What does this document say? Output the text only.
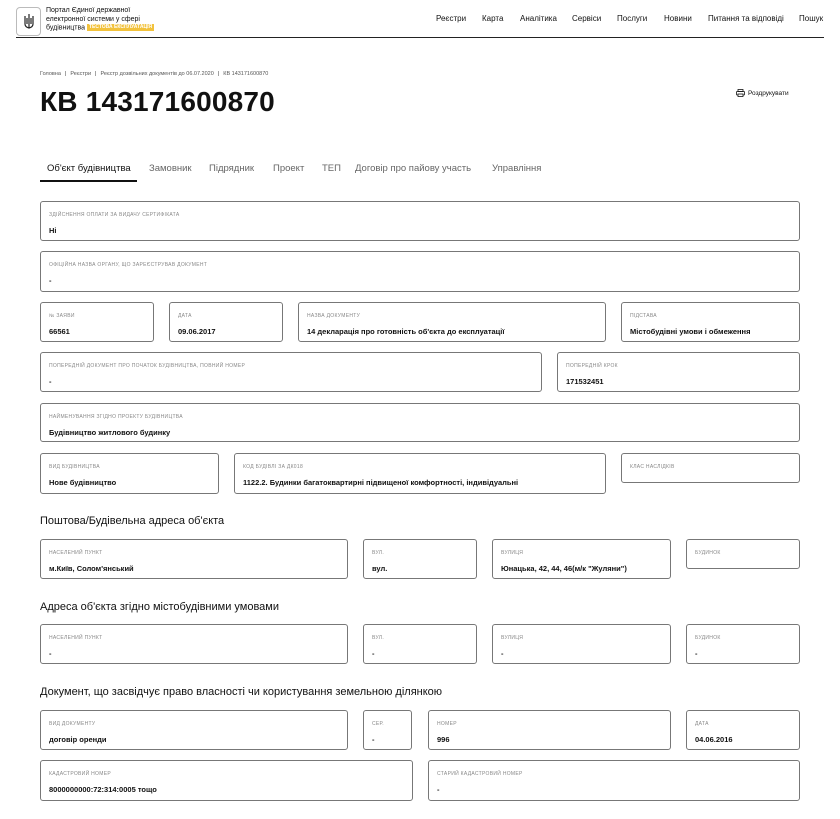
Портал Єдиної державної
електронної системи у сфері
будівництва ТЕСТОВА ЕКСПЛУАТАЦІЯ
Реєстри Карта Аналітика Сервіси Послуги Новини Питання та відповіді Пошук
Головна | Реєстри | Реєстр дозвільних документів до 06.07.2020 | КВ 143171600870
КВ 143171600870	Роздрукувати
Об'єкт будівництва Замовник Підрядник Проект ТЕП Договір про пайову участь Управління
ЗДІЙСНЕННЯ ОПЛАТИ ЗА ВИДАЧУ СЕРТИФІКАТА
Ні
ОФІЦІЙНА НАЗВА ОРГАНУ, ЩО ЗАРЕЄСТРУВАВ ДОКУМЕНТ
-
№ ЗАЯВИ
66561
ДАТА
09.06.2017
НАЗВА ДОКУМЕНТУ
14 декларація про готовність об'єкта до експлуатації
ПІДСТАВА
Містобудівні умови і обмеження
ПОПЕРЕДНІЙ ДОКУМЕНТ ПРО ПОЧАТОК БУДІВНИЦТВА, ПОВНИЙ НОМЕР
-
ПОПЕРЕДНІЙ КРОК
171532451
НАЙМЕНУВАННЯ ЗГІДНО ПРОЕКТУ БУДІВНИЦТВА
Будівництво житлового будинку
ВИД БУДІВНИЦТВА
Нове будівництво
КОД БУДІВЛІ ЗА ДК018
1122.2. Будинки багатоквартирні підвищеної комфортності, індивідуальні
КЛАС НАСЛІДКІВ
Поштова/Будівельна адреса об'єкта
НАСЕЛЕНИЙ ПУНКТ
м.Київ, Солом'янський
ВУЛ.
вул.
ВУЛИЦЯ
Юнацька, 42, 44, 46(м/к "Жуляни")
БУДИНОК
Адреса об'єкта згідно містобудівними умовами
НАСЕЛЕНИЙ ПУНКТ
-
ВУЛ.
-
ВУЛИЦЯ
-
БУДИНОК
-
Документ, що засвідчує право власності чи користування земельною ділянкою
ВИД ДОКУМЕНТУ
договір оренди
СЕР.
-
НОМЕР
996
ДАТА
04.06.2016
КАДАСТРОВИЙ НОМЕР
8000000000:72:314:0005 тощо
СТАРИЙ КАДАСТРОВИЙ НОМЕР
-
